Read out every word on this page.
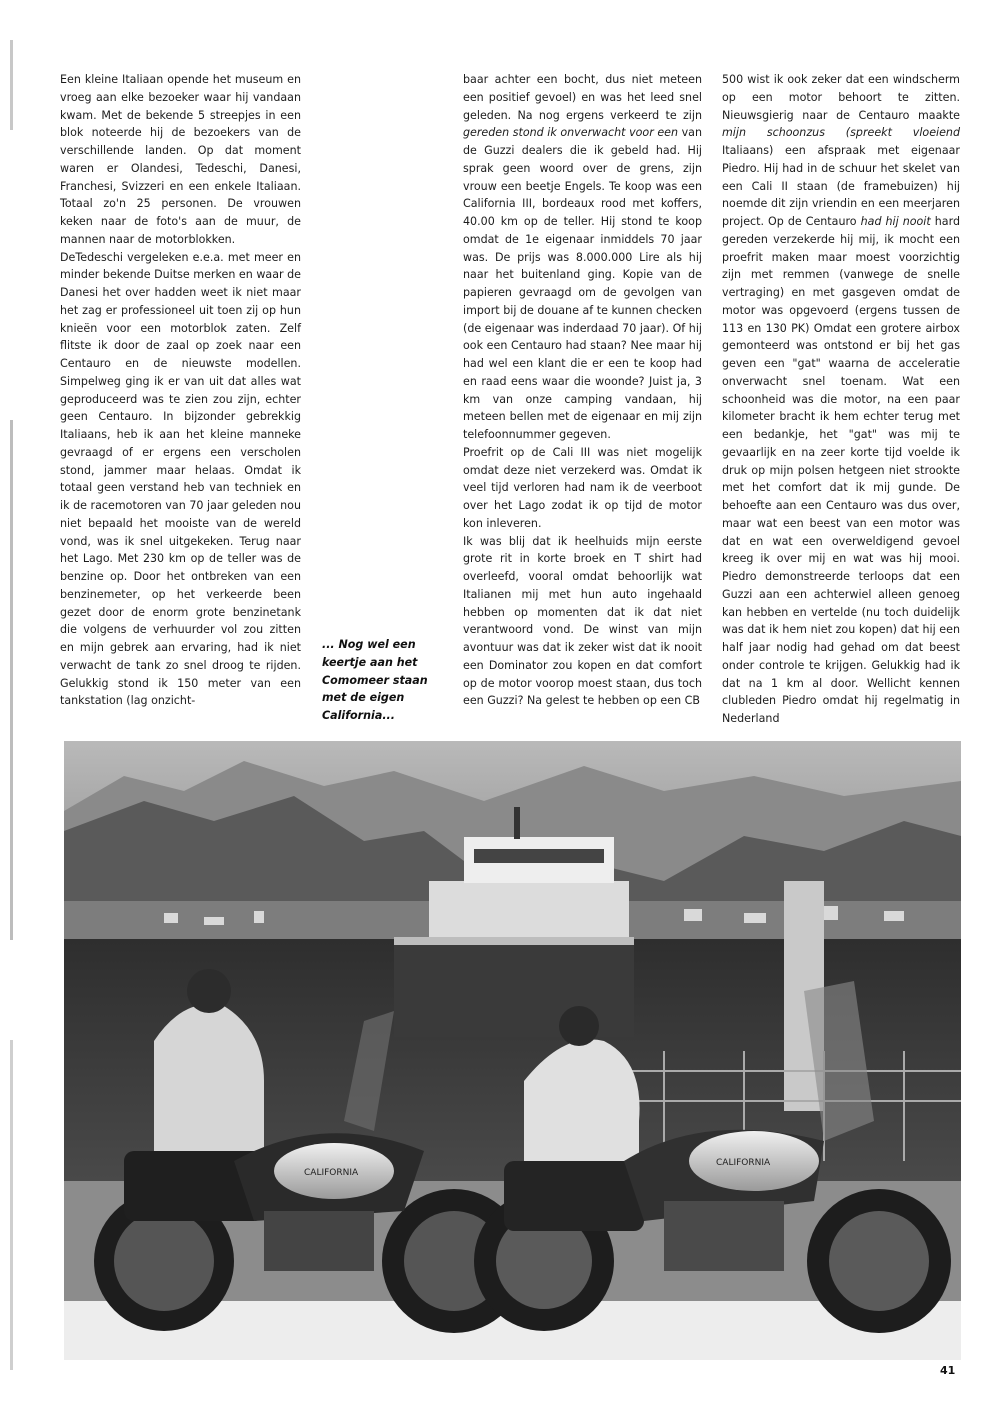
Een kleine Italiaan opende het museum en vroeg aan elke bezoeker waar hij vandaan kwam. Met de bekende 5 streepjes in een blok noteerde hij de bezoekers van de verschillende landen. Op dat moment waren er Olandesi, Tedeschi, Danesi, Franchesi, Svizzeri en een enkele Italiaan. Totaal zo'n 25 personen. De vrouwen keken naar de foto's aan de muur, de mannen naar de motorblokken.

DeTedeschi vergeleken e.e.a. met meer en minder bekende Duitse merken en waar de Danesi het over hadden weet ik niet maar het zag er professioneel uit toen zij op hun knieën voor een motorblok zaten. Zelf flitste ik door de zaal op zoek naar een Centauro en de nieuwste modellen. Simpelweg ging ik er van uit dat alles wat geproduceerd was te zien zou zijn, echter geen Centauro. In bijzonder gebrekkig Italiaans, heb ik aan het kleine manneke gevraagd of er ergens een verscholen stond, jammer maar helaas. Omdat ik totaal geen verstand heb van techniek en ik de racemotoren van 70 jaar geleden nou niet bepaald het mooiste van de wereld vond, was ik snel uitgekeken. Terug naar het Lago. Met 230 km op de teller was de benzine op. Door het ontbreken van een benzinemeter, op het verkeerde been gezet door de enorm grote benzinetank die volgens de verhuurder vol zou zitten en mijn gebrek aan ervaring, had ik niet verwacht de tank zo snel droog te rijden. Gelukkig stond ik 150 meter van een tankstation (lag onzicht-

... Nog wel een keertje aan het Comomeer staan met de eigen California...

baar achter een bocht, dus niet meteen een positief gevoel) en was het leed snel geleden. Na nog ergens verkeerd te zijn gereden stond ik onverwacht voor een van de Guzzi dealers die ik gebeld had. Hij sprak geen woord over de grens, zijn vrouw een beetje Engels. Te koop was een California III, bordeaux rood met koffers, 40.00 km op de teller. Hij stond te koop omdat de 1e eigenaar inmiddels 70 jaar was. De prijs was 8.000.000 Lire als hij naar het buitenland ging. Kopie van de papieren gevraagd om de gevolgen van import bij de douane af te kunnen checken (de eigenaar was inderdaad 70 jaar). Of hij ook een Centauro had staan? Nee maar hij had wel een klant die er een te koop had en raad eens waar die woonde? Juist ja, 3 km van onze camping vandaan, hij meteen bellen met de eigenaar en mij zijn telefoonnummer gegeven.

Proefrit op de Cali III was niet mogelijk omdat deze niet verzekerd was. Omdat ik veel tijd verloren had nam ik de veerboot over het Lago zodat ik op tijd de motor kon inleveren.

Ik was blij dat ik heelhuids mijn eerste grote rit in korte broek en T shirt had overleefd, vooral omdat behoorlijk wat Italianen mij met hun auto ingehaald hebben op momenten dat ik dat niet verantwoord vond. De winst van mijn avontuur was dat ik zeker wist dat ik nooit een Dominator zou kopen en dat comfort op de motor voorop moest staan, dus toch een Guzzi? Na gelest te hebben op een CB

500 wist ik ook zeker dat een windscherm op een motor behoort te zitten. Nieuwsgierig naar de Centauro maakte mijn schoonzus (spreekt vloeiend Italiaans) een afspraak met eigenaar Piedro. Hij had in de schuur het skelet van een Cali II staan (de framebuizen) hij noemde dit zijn vriendin en een meerjaren project. Op de Centauro had hij nooit hard gereden verzekerde hij mij, ik mocht een proefrit maken maar moest voorzichtig zijn met remmen (vanwege de snelle vertraging) en met gasgeven omdat de motor was opgevoerd (ergens tussen de 113 en 130 PK) Omdat een grotere airbox gemonteerd was ontstond er bij het gas geven een "gat" waarna de acceleratie onverwacht snel toenam. Wat een schoonheid was die motor, na een paar kilometer bracht ik hem echter terug met een bedankje, het "gat" was mij te gevaarlijk en na zeer korte tijd voelde ik druk op mijn polsen hetgeen niet strookte met het comfort dat ik mij gunde. De behoefte aan een Centauro was dus over, maar wat een beest van een motor was dat en wat een overweldigend gevoel kreeg ik over mij en wat was hij mooi. Piedro demonstreerde terloops dat een Guzzi aan een achterwiel alleen genoeg kan hebben en vertelde (nu toch duidelijk was dat ik hem niet zou kopen) dat hij een half jaar nodig had gehad om dat beest onder controle te krijgen. Gelukkig had ik dat na 1 km al door. Wellicht kennen clubleden Piedro omdat hij regelmatig in Nederland

CALIFORNIA
CALIFORNIA
41
